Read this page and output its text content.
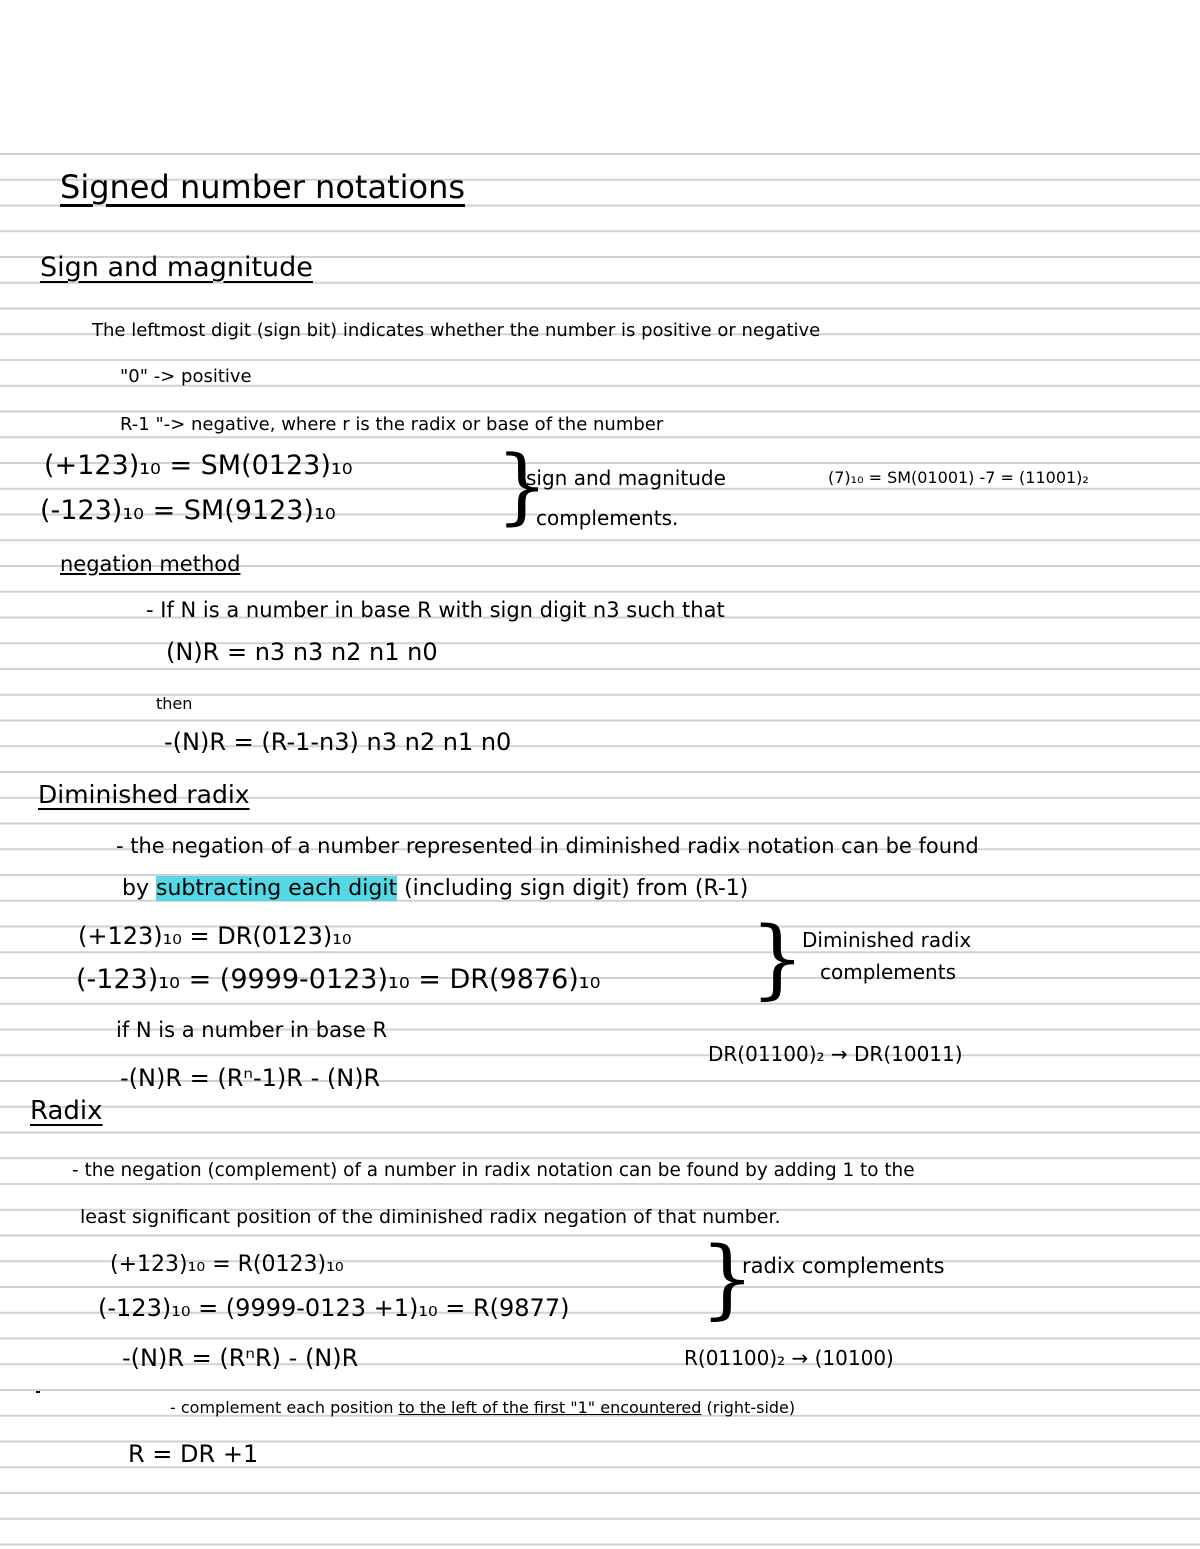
Signed number notations
Sign and magnitude
The leftmost digit (sign bit) indicates whether the number is positive or negative
"0" -> positive
R-1 "-> negative, where r is the radix or base of the number
(+123)₁₀ = SM(0123)₁₀
(-123)₁₀ = SM(9123)₁₀ }
sign and magnitude
complements.
(7)₁₀ = SM(01001) -7 = (11001)₂
negation method
- If N is a number in base R with sign digit n3 such that
(N)R = n3 n3 n2 n1 n0
then
-(N)R = (R-1-n3) n3 n2 n1 n0
Diminished radix
- the negation of a number represented in diminished radix notation can be found
by subtracting each digit (including sign digit) from (R-1)
(+123)₁₀ = DR(0123)₁₀
(-123)₁₀ = (9999-0123)₁₀ = DR(9876)₁₀ }
Diminished radix
complements
if N is a number in base R
DR(01100)₂ → DR(10011)
-(N)R = (Rⁿ-1)R - (N)R
Radix
- the negation (complement) of a number in radix notation can be found by adding 1 to the
least significant position of the diminished radix negation of that number.
(+123)₁₀ = R(0123)₁₀
(-123)₁₀ = (9999-0123 +1)₁₀ = R(9877) }
radix complements
-(N)R = (RⁿR) - (N)R	R(01100)₂ → (10100)
- complement each position to the left of the first "1" encountered (right-side)
R = DR +1
